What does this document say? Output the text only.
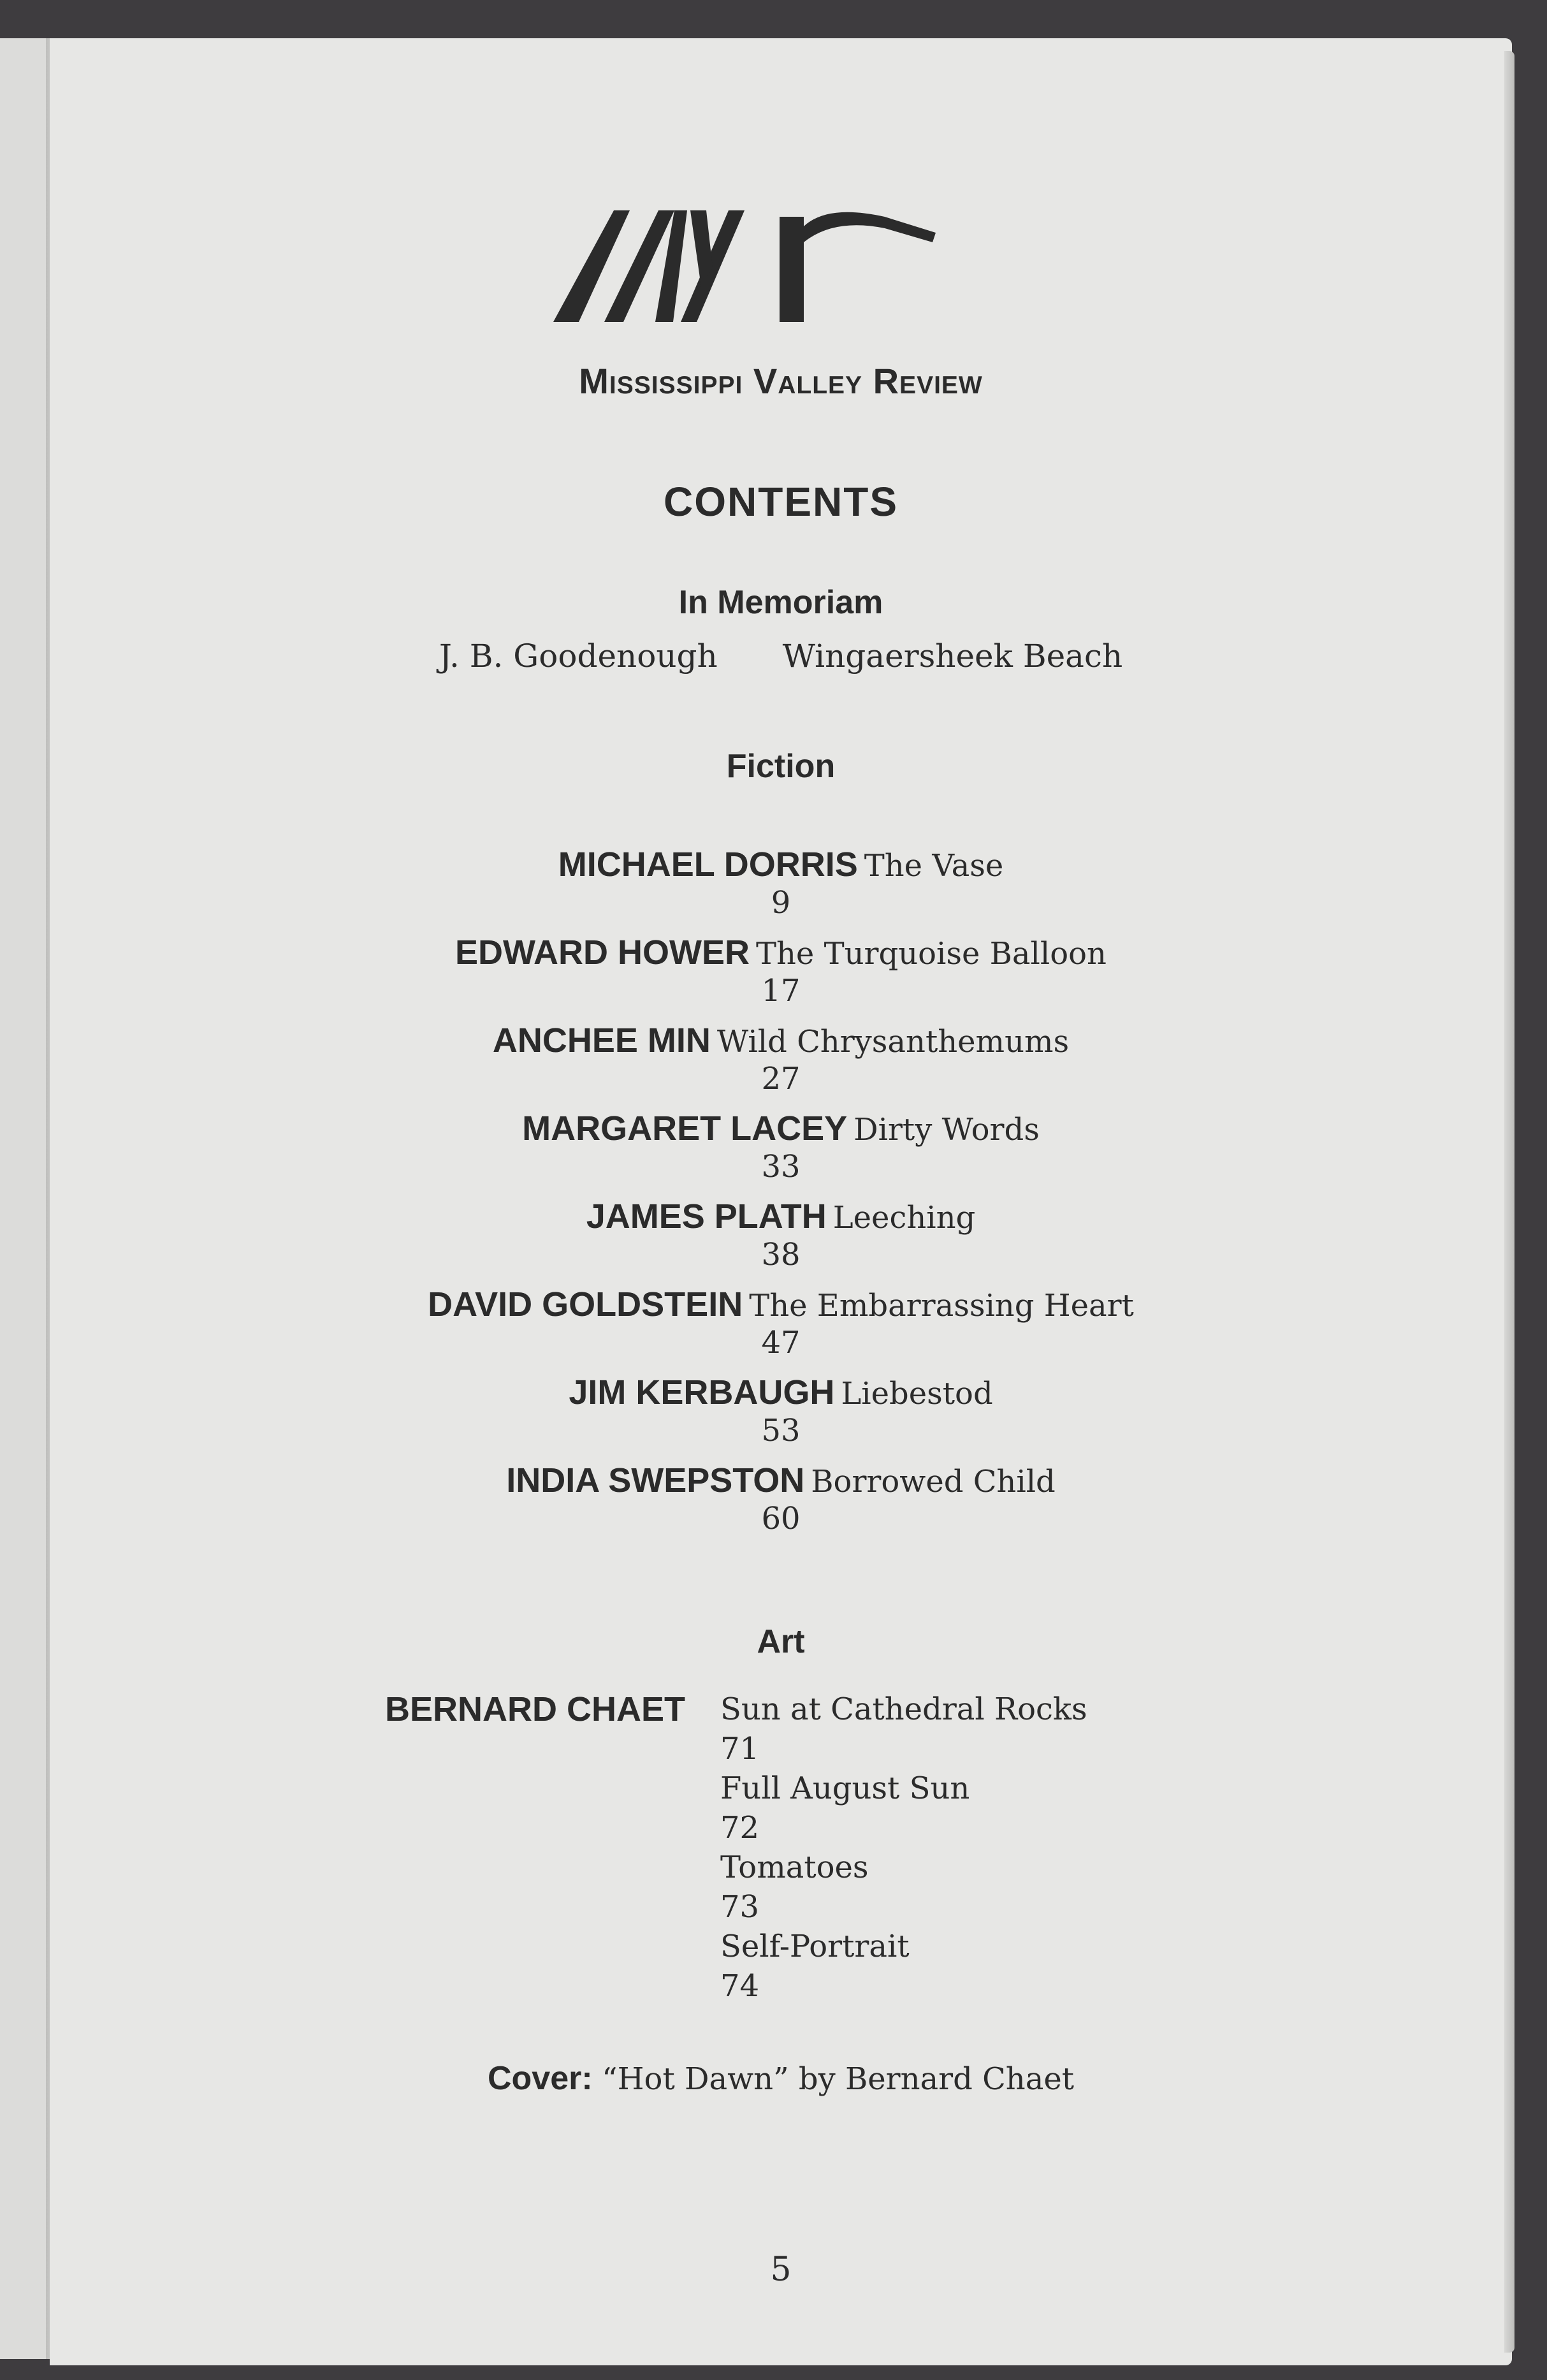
Mississippi Valley Review
CONTENTS
In Memoriam
J. B. Goodenough Wingaersheek Beach
Fiction
MICHAEL DORRIS The Vase
9
EDWARD HOWER The Turquoise Balloon
17
ANCHEE MIN Wild Chrysanthemums
27
MARGARET LACEY Dirty Words
33
JAMES PLATH Leeching
38
DAVID GOLDSTEIN The Embarrassing Heart
47
JIM KERBAUGH Liebestod
53
INDIA SWEPSTON Borrowed Child
60
Art
BERNARD CHAET Sun at Cathedral Rocks
71
Full August Sun
72
Tomatoes
73
Self-Portrait
74
Cover: “Hot Dawn” by Bernard Chaet
5
